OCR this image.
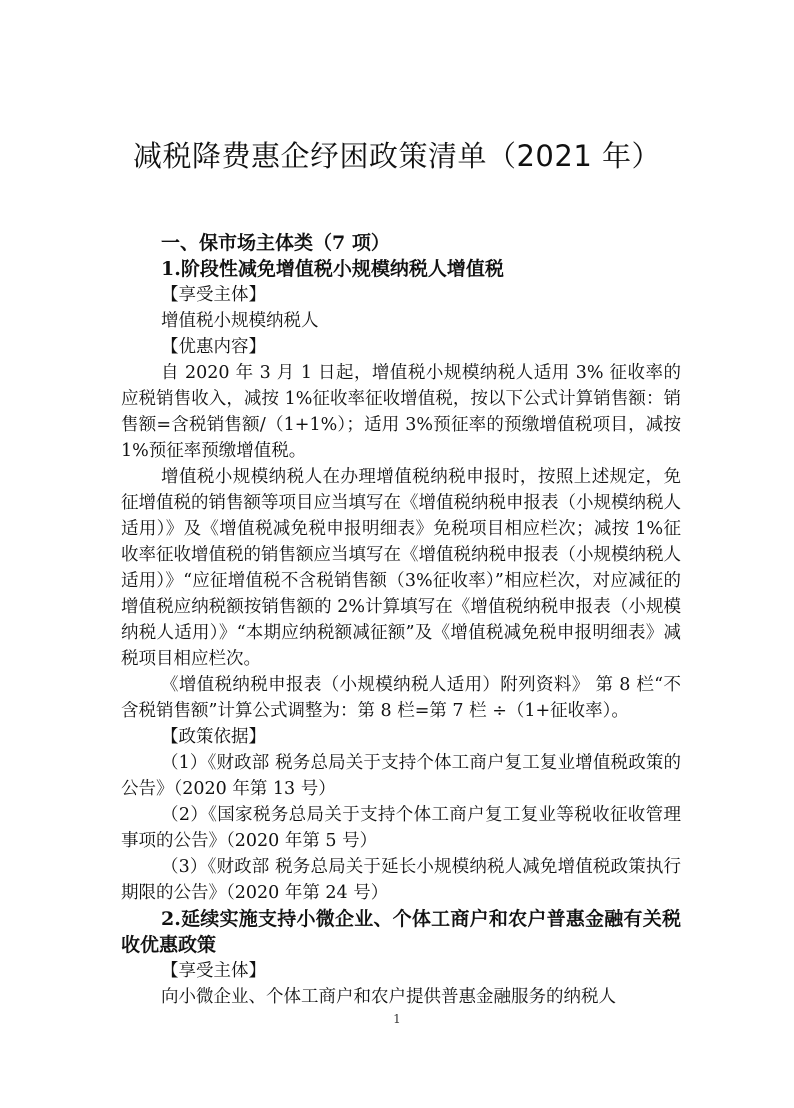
减税降费惠企纾困政策清单（2021 年）
一、保市场主体类（7 项）
1.阶段性减免增值税小规模纳税人增值税
【享受主体】
增值税小规模纳税人
【优惠内容】
自 2020 年 3 月 1 日起，增值税小规模纳税人适用 3% 征收率的应税销售收入，减按 1%征收率征收增值税，按以下公式计算销售额：销售额=含税销售额/（1+1%）；适用 3%预征率的预缴增值税项目，减按 1%预征率预缴增值税。
增值税小规模纳税人在办理增值税纳税申报时，按照上述规定，免征增值税的销售额等项目应当填写在《增值税纳税申报表（小规模纳税人适用）》及《增值税减免税申报明细表》免税项目相应栏次；减按 1%征收率征收增值税的销售额应当填写在《增值税纳税申报表（小规模纳税人适用）》“应征增值税不含税销售额（3%征收率）”相应栏次，对应减征的增值税应纳税额按销售额的 2%计算填写在《增值税纳税申报表（小规模纳税人适用）》“本期应纳税额减征额”及《增值税减免税申报明细表》减税项目相应栏次。
《增值税纳税申报表（小规模纳税人适用）附列资料》 第 8 栏“不含税销售额”计算公式调整为：第 8 栏=第 7 栏 ÷（1+征收率）。
【政策依据】
（1）《财政部 税务总局关于支持个体工商户复工复业增值税政策的公告》（2020 年第 13 号）
（2）《国家税务总局关于支持个体工商户复工复业等税收征收管理事项的公告》（2020 年第 5 号）
（3）《财政部 税务总局关于延长小规模纳税人减免增值税政策执行期限的公告》（2020 年第 24 号）
2.延续实施支持小微企业、个体工商户和农户普惠金融有关税收优惠政策
【享受主体】
向小微企业、个体工商户和农户提供普惠金融服务的纳税人
1
